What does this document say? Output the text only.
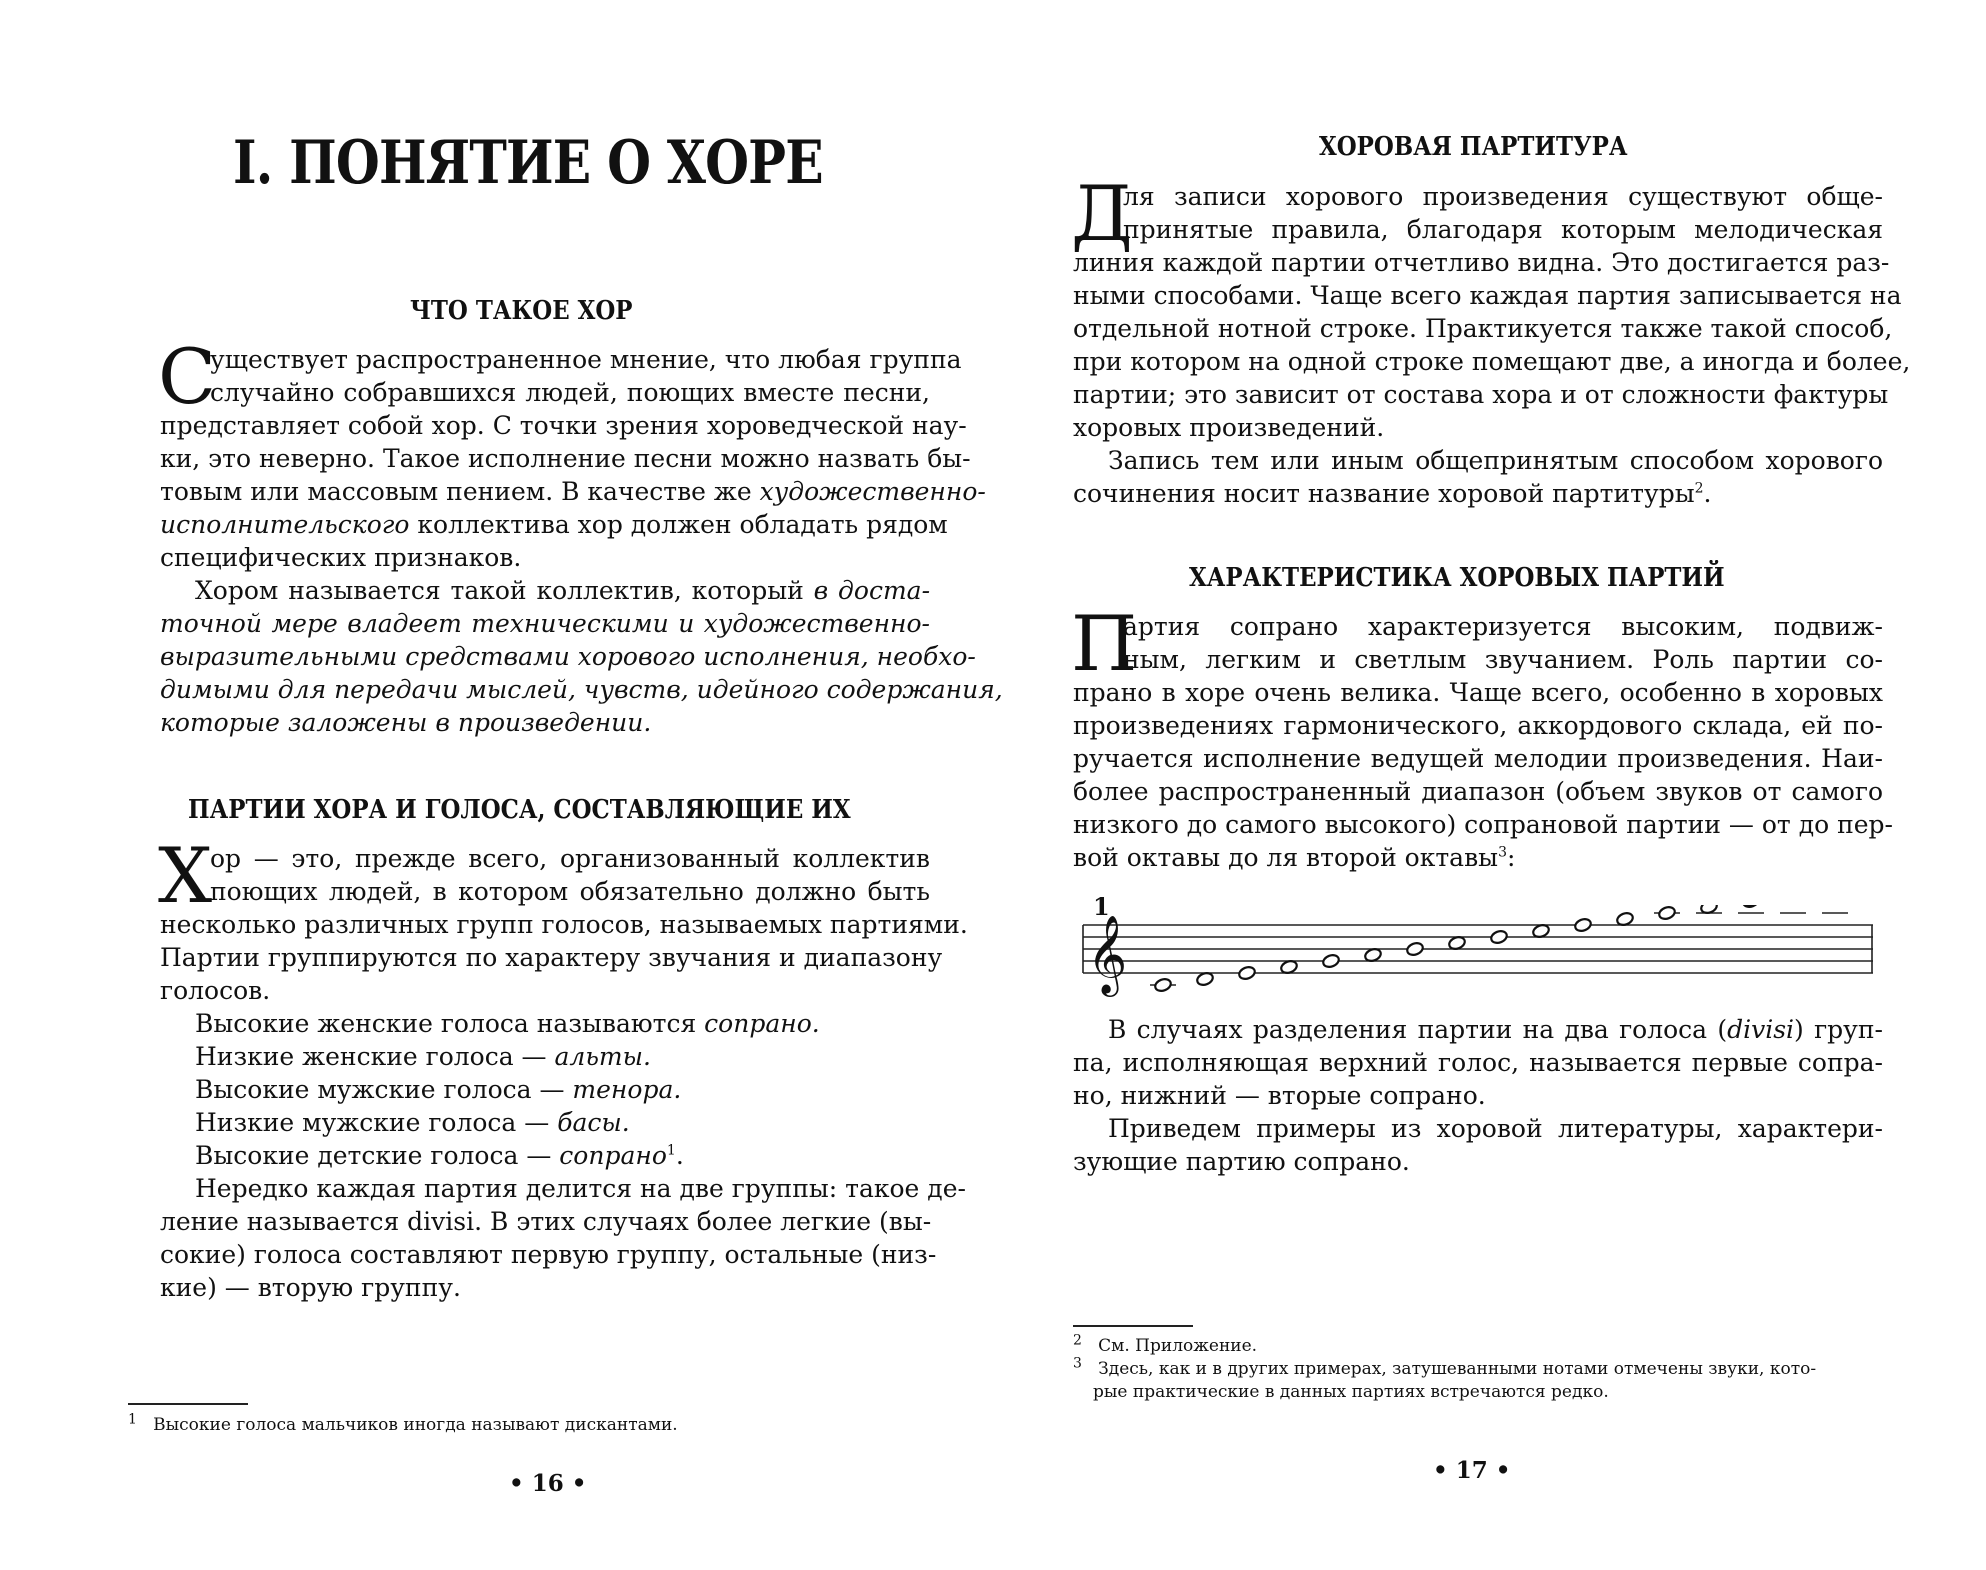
I. ПОНЯТИЕ О ХОРЕ
ЧТО ТАКОЕ ХОР
С
уществует распространенное мнение, что любая группа
случайно собравшихся людей, поющих вместе песни,
представляет собой хор. С точки зрения хороведческой нау-
ки, это неверно. Такое исполнение песни можно назвать бы-
товым или массовым пением. В качестве же художественно-
исполнительского коллектива хор должен обладать рядом
специфических признаков.
Хором называется такой коллектив, который в доста-
точной мере владеет техническими и художественно-
выразительными средствами хорового исполнения, необхо-
димыми для передачи мыслей, чувств, идейного содержания,
которые заложены в произведении.
ПАРТИИ ХОРА И ГОЛОСА, СОСТАВЛЯЮЩИЕ ИХ
Х
ор — это, прежде всего, организованный коллектив
поющих людей, в котором обязательно должно быть
несколько различных групп голосов, называемых партиями.
Партии группируются по характеру звучания и диапазону
голосов.
Высокие женские голоса называются сопрано.
Низкие женские голоса — альты.
Высокие мужские голоса — тенора.
Низкие мужские голоса — басы.
Высокие детские голоса — сопрано$^1$.
Нередко каждая партия делится на две группы: такое де-
ление называется divisi. В этих случаях более легкие (вы-
сокие) голоса составляют первую группу, остальные (низ-
кие) — вторую группу.
$^1$ Высокие голоса мальчиков иногда называют дискантами.
• 16 •
ХОРОВАЯ ПАРТИТУРА
Д
ля записи хорового произведения существуют обще-
принятые правила, благодаря которым мелодическая
линия каждой партии отчетливо видна. Это достигается раз-
ными способами. Чаще всего каждая партия записывается на
отдельной нотной строке. Практикуется также такой способ,
при котором на одной строке помещают две, а иногда и более,
партии; это зависит от состава хора и от сложности фактуры
хоровых произведений.
Запись тем или иным общепринятым способом хорового
сочинения носит название хоровой партитуры$^2$.
ХАРАКТЕРИСТИКА ХОРОВЫХ ПАРТИЙ
П
артия сопрано характеризуется высоким, подвиж-
ным, легким и светлым звучанием. Роль партии со-
прано в хоре очень велика. Чаще всего, особенно в хоровых
произведениях гармонического, аккордового склада, ей по-
ручается исполнение ведущей мелодии произведения. Наи-
более распространенный диапазон (объем звуков от самого
низкого до самого высокого) сопрановой партии — от до пер-
вой октавы до ля второй октавы$^3$:
1
𝄞
В случаях разделения партии на два голоса (divisi) груп-
па, исполняющая верхний голос, называется первые сопра-
но, нижний — вторые сопрано.
Приведем примеры из хоровой литературы, характери-
зующие партию сопрано.
$^2$ См. Приложение.
$^3$ Здесь, как и в других примерах, затушеванными нотами отмечены звуки, кото-
рые практические в данных партиях встречаются редко.
• 17 •
